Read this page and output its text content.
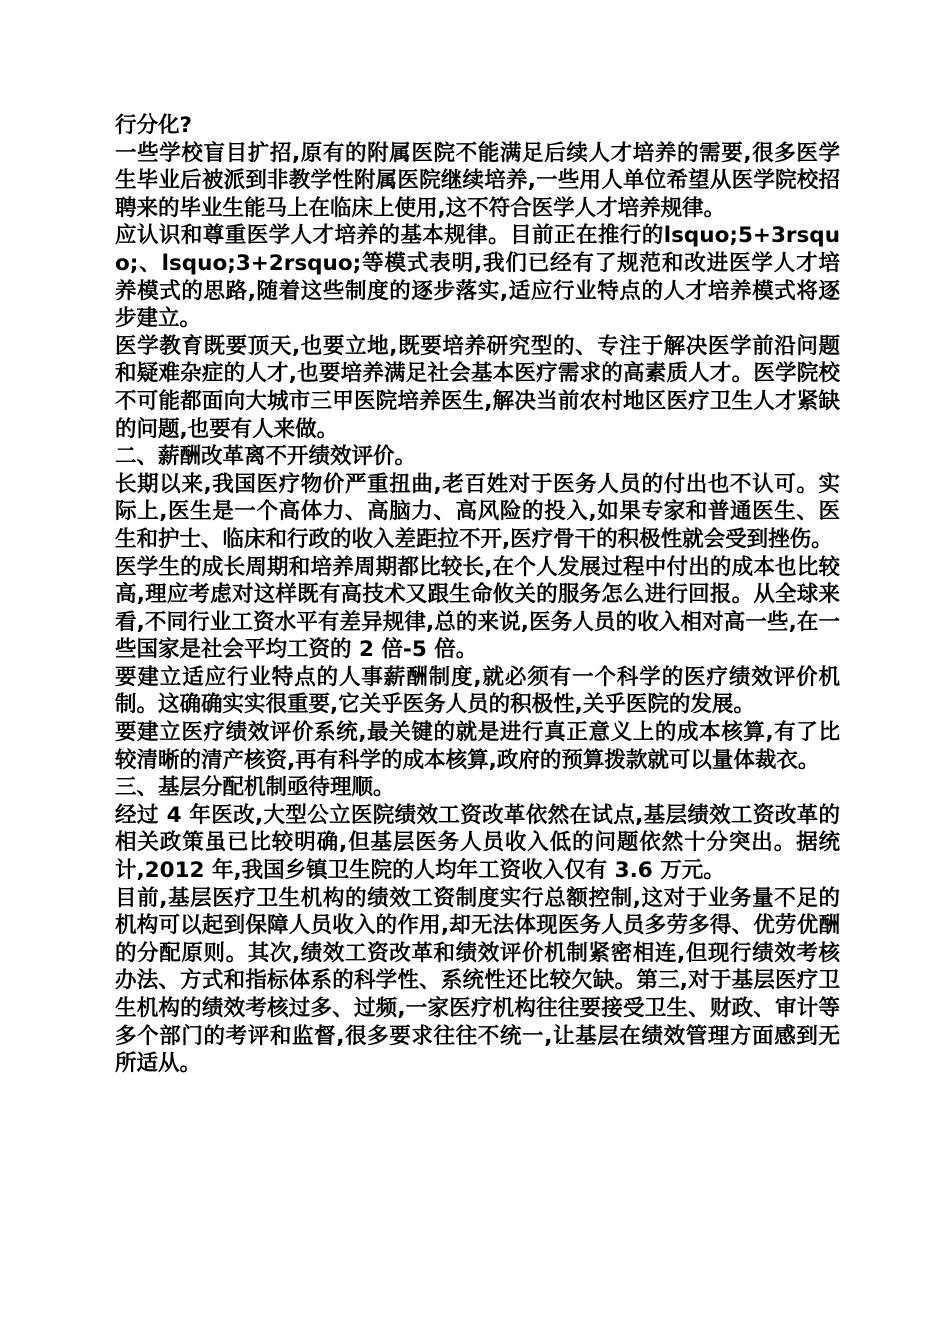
行分化?

一些学校盲目扩招,原有的附属医院不能满足后续人才培养的需要,很多医学生毕业后被派到非教学性附属医院继续培养,一些用人单位希望从医学院校招聘来的毕业生能马上在临床上使用,这不符合医学人才培养规律。

应认识和尊重医学人才培养的基本规律。目前正在推行的lsquo;5+3rsquo;、lsquo;3+2rsquo;等模式表明,我们已经有了规范和改进医学人才培养模式的思路,随着这些制度的逐步落实,适应行业特点的人才培养模式将逐步建立。

医学教育既要顶天,也要立地,既要培养研究型的、专注于解决医学前沿问题和疑难杂症的人才,也要培养满足社会基本医疗需求的高素质人才。医学院校不可能都面向大城市三甲医院培养医生,解决当前农村地区医疗卫生人才紧缺的问题,也要有人来做。

二、薪酬改革离不开绩效评价。

长期以来,我国医疗物价严重扭曲,老百姓对于医务人员的付出也不认可。实际上,医生是一个高体力、高脑力、高风险的投入,如果专家和普通医生、医生和护士、临床和行政的收入差距拉不开,医疗骨干的积极性就会受到挫伤。

医学生的成长周期和培养周期都比较长,在个人发展过程中付出的成本也比较高,理应考虑对这样既有高技术又跟生命攸关的服务怎么进行回报。从全球来看,不同行业工资水平有差异规律,总的来说,医务人员的收入相对高一些,在一些国家是社会平均工资的 2 倍-5 倍。

要建立适应行业特点的人事薪酬制度,就必须有一个科学的医疗绩效评价机制。这确确实实很重要,它关乎医务人员的积极性,关乎医院的发展。

要建立医疗绩效评价系统,最关键的就是进行真正意义上的成本核算,有了比较清晰的清产核资,再有科学的成本核算,政府的预算拨款就可以量体裁衣。

三、基层分配机制亟待理顺。

经过 4 年医改,大型公立医院绩效工资改革依然在试点,基层绩效工资改革的相关政策虽已比较明确,但基层医务人员收入低的问题依然十分突出。据统计,2012 年,我国乡镇卫生院的人均年工资收入仅有 3.6 万元。

目前,基层医疗卫生机构的绩效工资制度实行总额控制,这对于业务量不足的机构可以起到保障人员收入的作用,却无法体现医务人员多劳多得、优劳优酬的分配原则。其次,绩效工资改革和绩效评价机制紧密相连,但现行绩效考核办法、方式和指标体系的科学性、系统性还比较欠缺。第三,对于基层医疗卫生机构的绩效考核过多、过频,一家医疗机构往往要接受卫生、财政、审计等多个部门的考评和监督,很多要求往往不统一,让基层在绩效管理方面感到无所适从。
